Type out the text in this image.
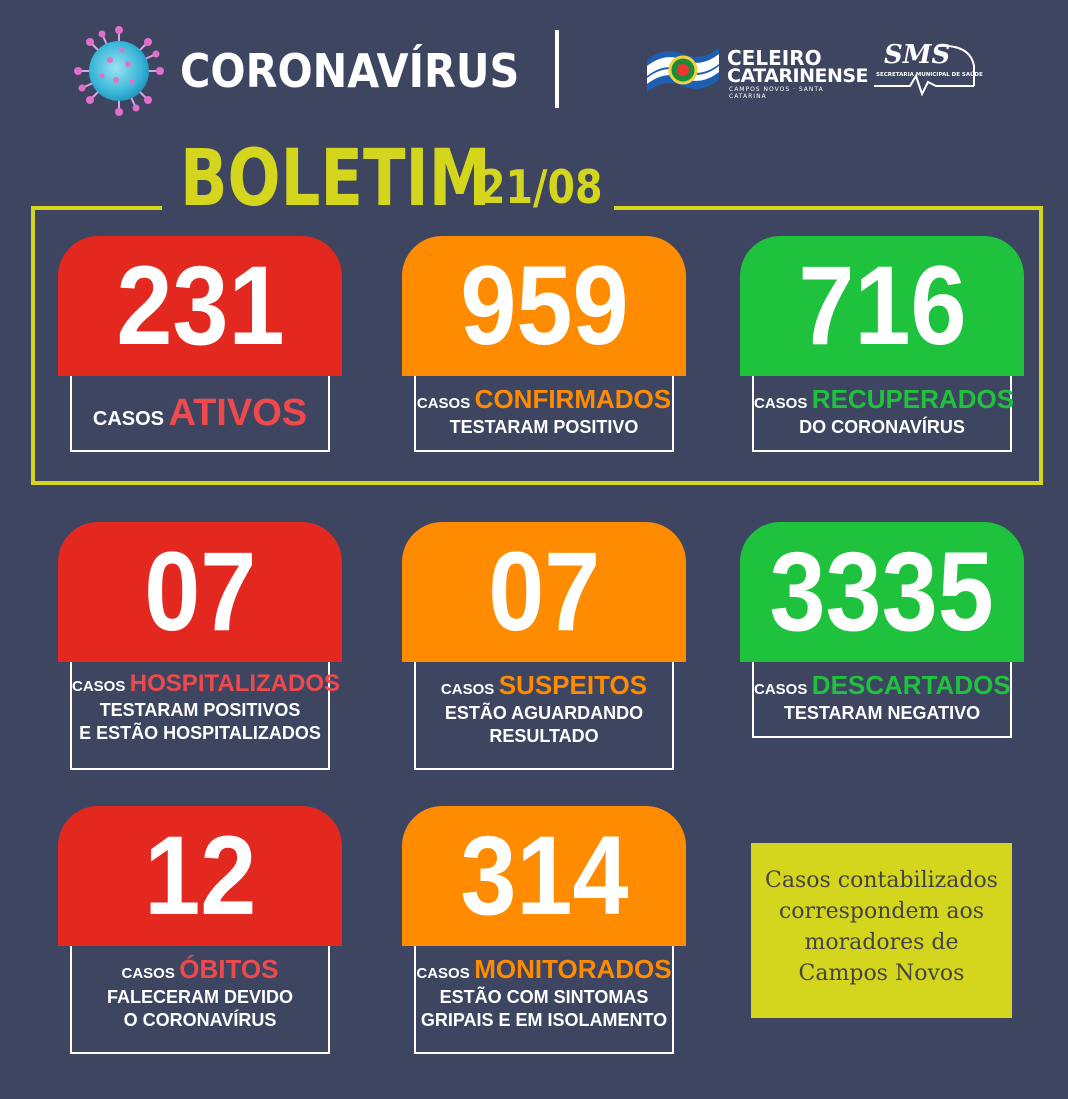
CORONAVÍRUS	CELEIRO
CATARINENSE
CAMPOS NOVOS · SANTA CATARINA
SMS
SECRETARIA MUNICIPAL DE SAÚDE
BOLETIM
21/08
231
CASOS ATIVOS
959
CASOS CONFIRMADOS
TESTARAM POSITIVO
716
CASOS RECUPERADOS
DO CORONAVÍRUS
07
CASOS HOSPITALIZADOS
TESTARAM POSITIVOS
E ESTÃO HOSPITALIZADOS
07
CASOS SUSPEITOS
ESTÃO AGUARDANDO
RESULTADO
3335
CASOS DESCARTADOS
TESTARAM NEGATIVO
12
CASOS ÓBITOS
FALECERAM DEVIDO
O CORONAVÍRUS
314
CASOS MONITORADOS
ESTÃO COM SINTOMAS
GRIPAIS E EM ISOLAMENTO
Casos contabilizados
correspondem aos
moradores de
Campos Novos
